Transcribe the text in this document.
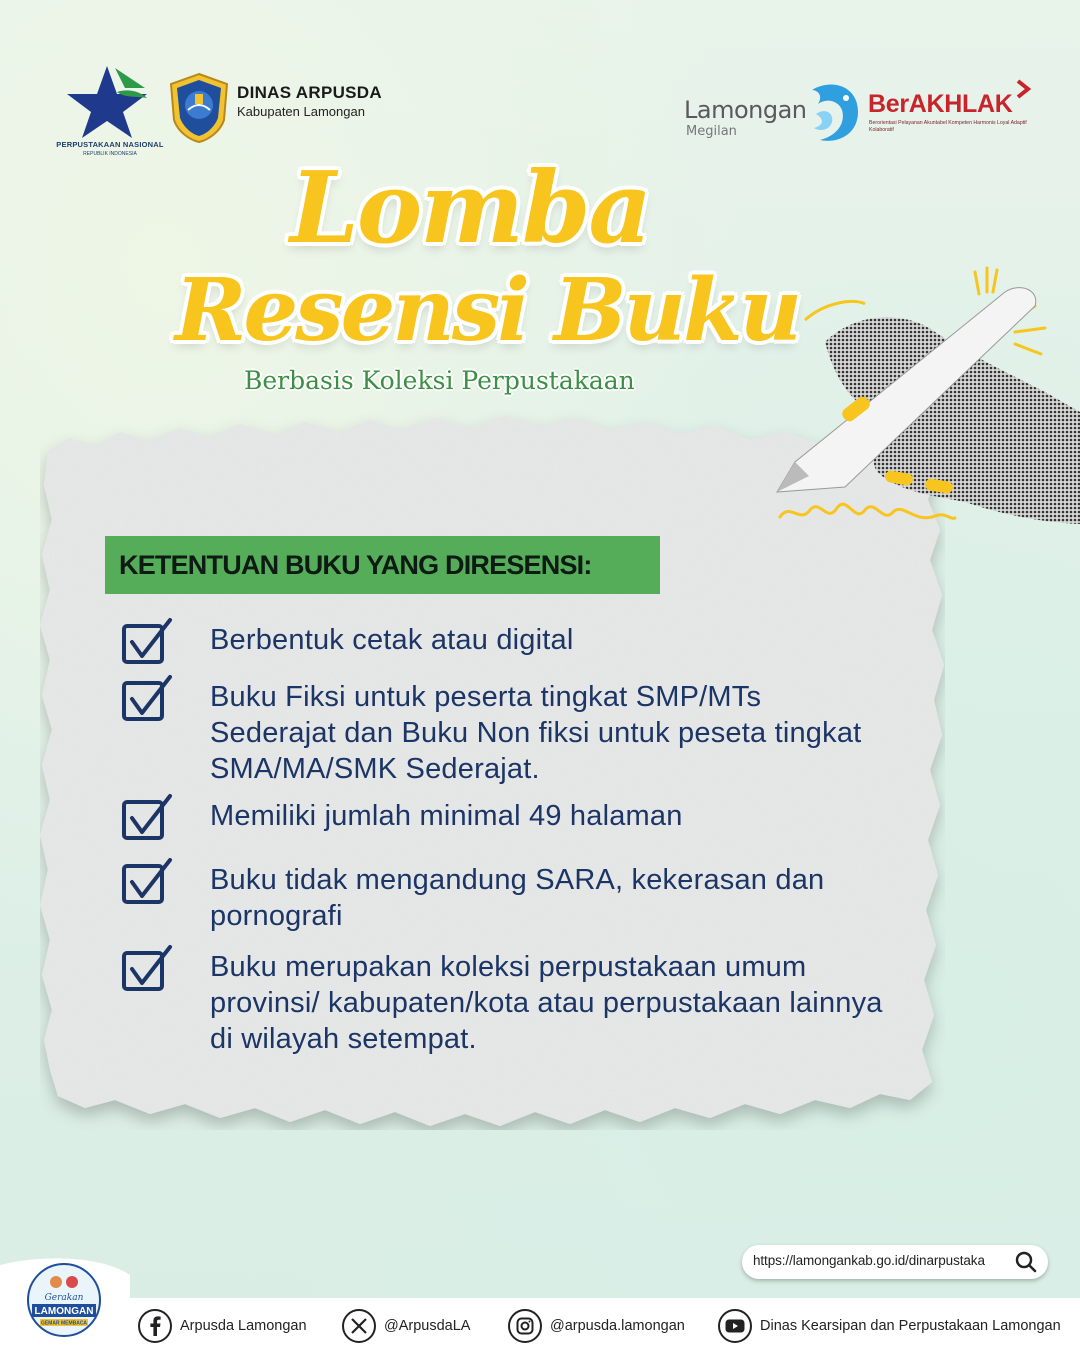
PERPUSTAKAAN NASIONAL
REPUBLIK INDONESIA
DINAS ARPUSDA
Kabupaten Lamongan	Lamongan
Megilan
BerAKHLAK
Berorientasi Pelayanan Akuntabel Kompeten Harmonis Loyal Adaptif Kolaboratif
Lomba
Resensi Buku
Berbasis Koleksi Perpustakaan
KETENTUAN BUKU YANG DIRESENSI:
Berbentuk cetak atau digital
Buku Fiksi untuk peserta tingkat SMP/MTs Sederajat dan Buku Non fiksi untuk peseta tingkat SMA/MA/SMK Sederajat.
Memiliki jumlah minimal 49 halaman
Buku tidak mengandung SARA, kekerasan dan pornografi
Buku merupakan koleksi perpustakaan umum provinsi/ kabupaten/kota atau perpustakaan lainnya di wilayah setempat.
https://lamongankab.go.id/dinarpustaka
Gerakan
LAMONGAN
GEMAR MEMBACA	Arpusda Lamongan	@ArpusdaLA	@arpusda.lamongan	Dinas Kearsipan dan Perpustakaan Lamongan
